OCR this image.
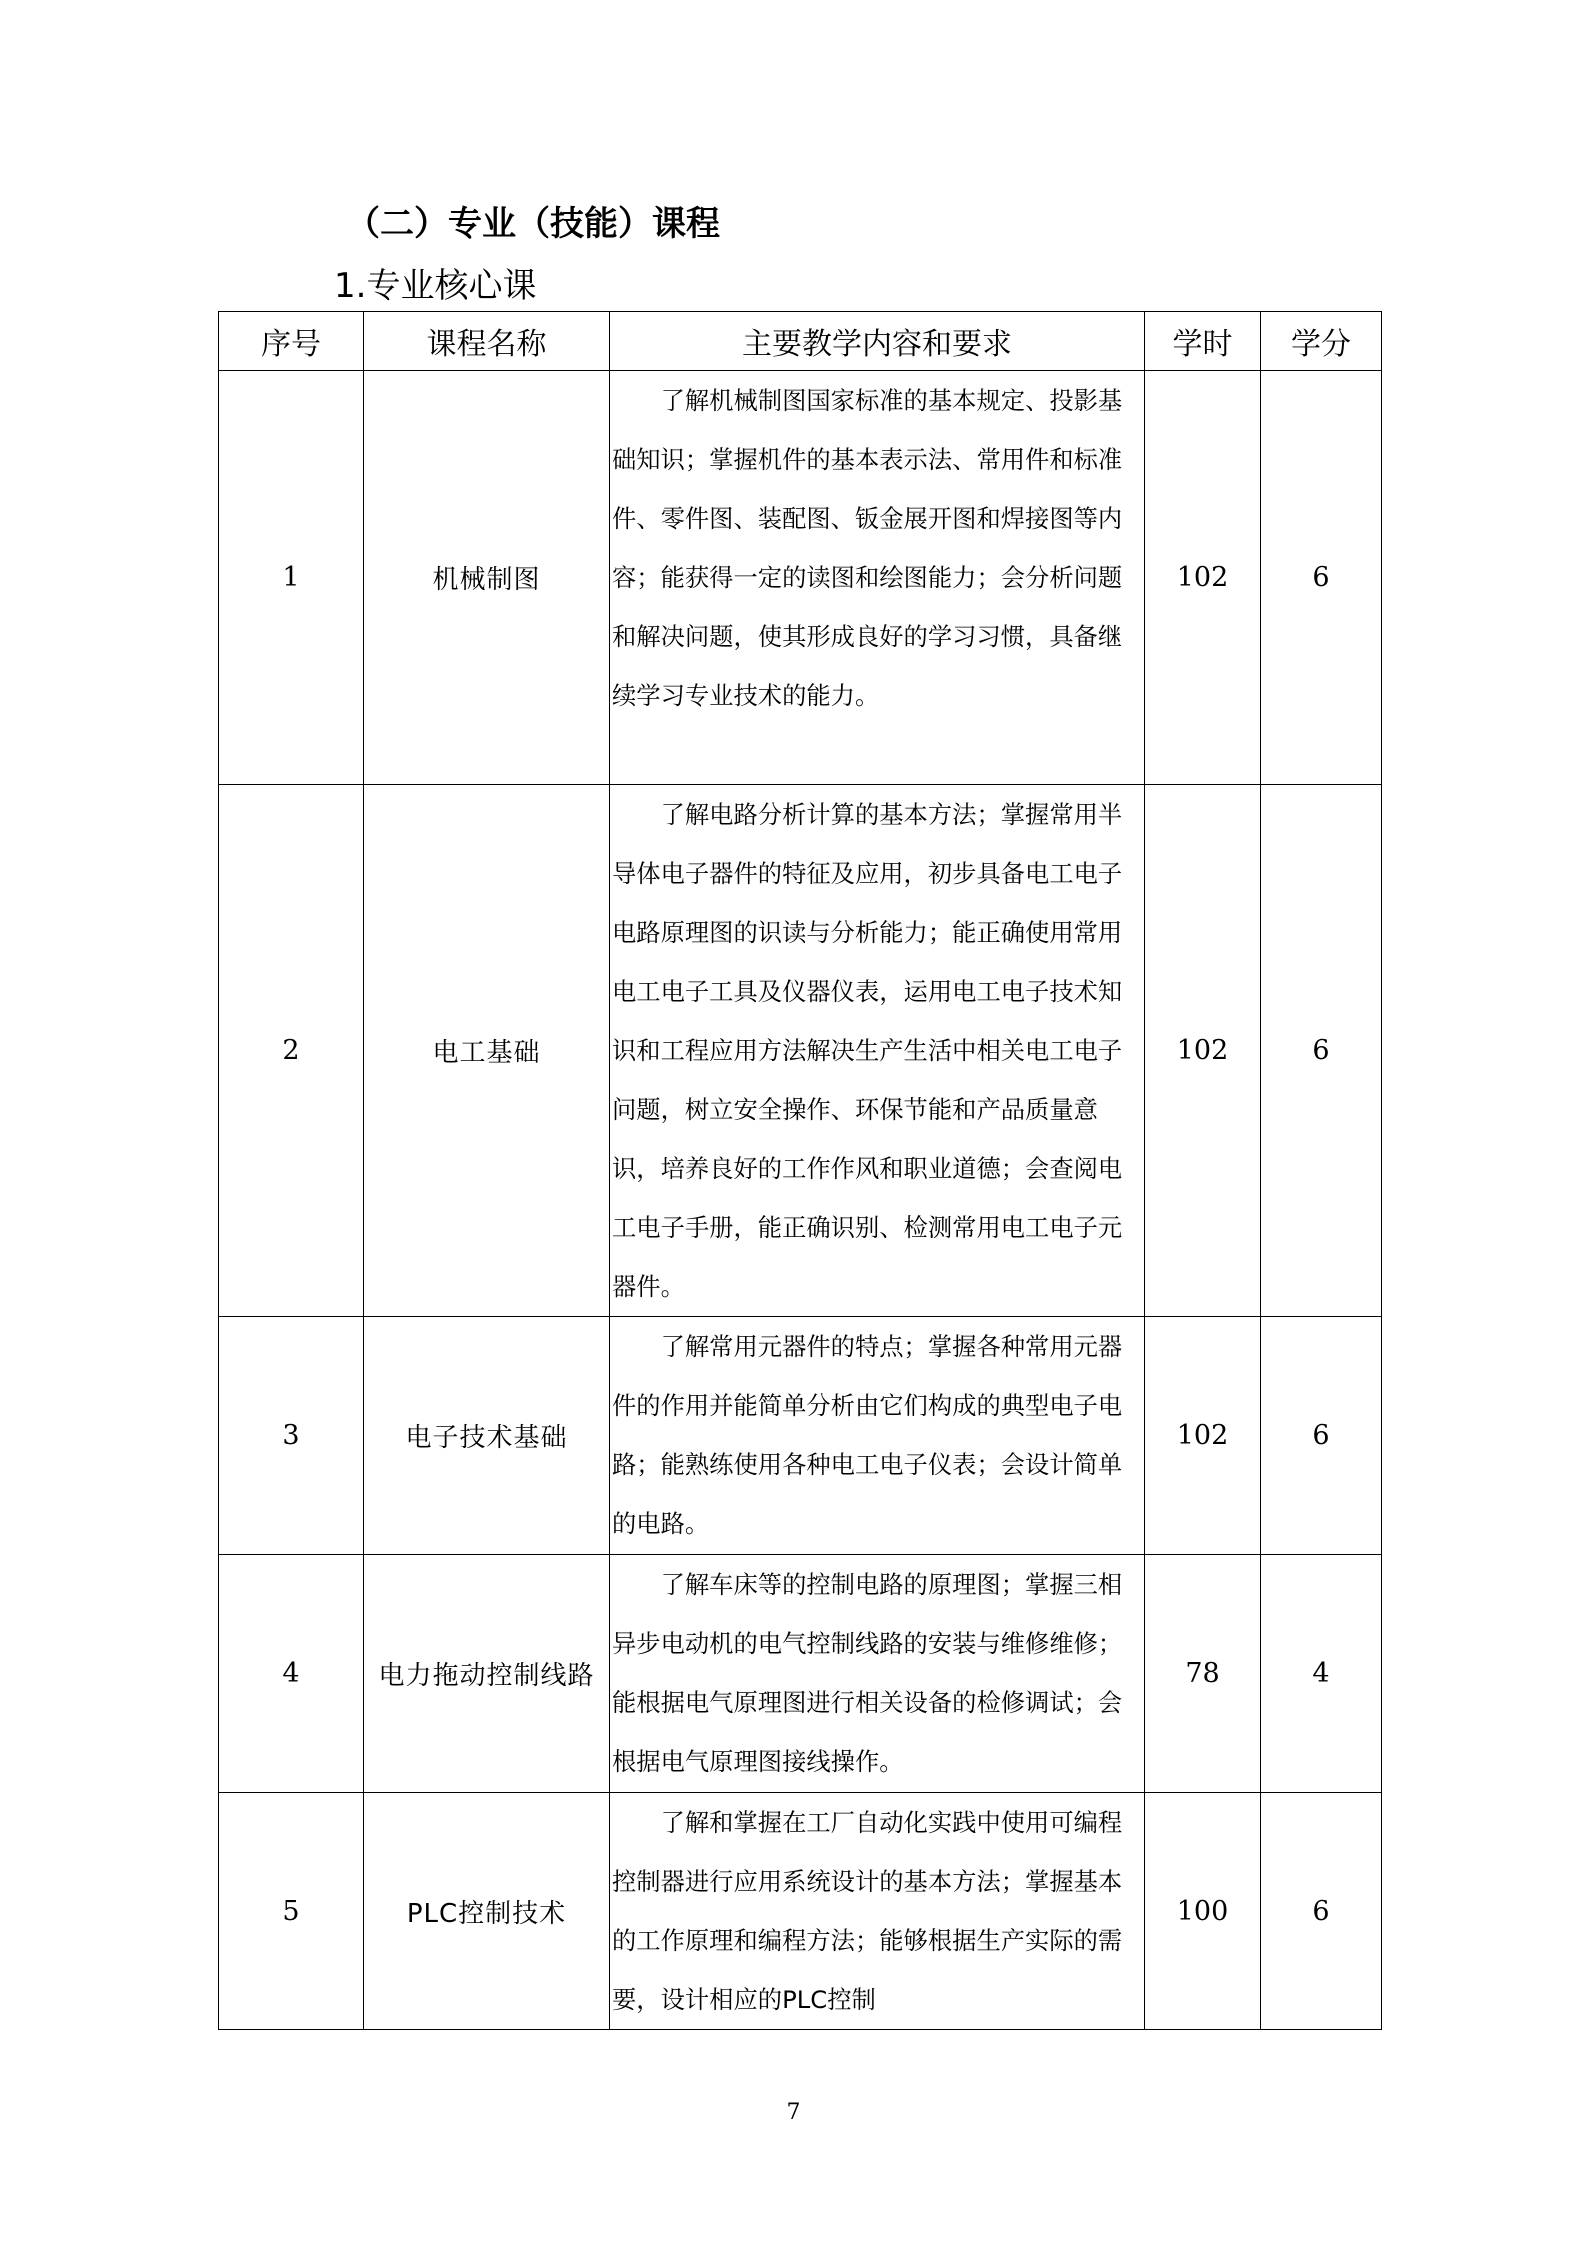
（二）专业（技能）课程
1.专业核心课
序号	课程名称	主要教学内容和要求	学时	学分
1	机械制图	了解机械制图国家标准的基本规定、投影基础知识；掌握机件的基本表示法、常用件和标准件、零件图、装配图、钣金展开图和焊接图等内容；能获得一定的读图和绘图能力；会分析问题和解决问题，使其形成良好的学习习惯，具备继续学习专业技术的能力。	102	6
2	电工基础	了解电路分析计算的基本方法；掌握常用半导体电子器件的特征及应用，初步具备电工电子电路原理图的识读与分析能力；能正确使用常用电工电子工具及仪器仪表，运用电工电子技术知识和工程应用方法解决生产生活中相关电工电子问题，树立安全操作、环保节能和产品质量意识，培养良好的工作作风和职业道德；会查阅电工电子手册，能正确识别、检测常用电工电子元器件。	102	6
3	电子技术基础	了解常用元器件的特点；掌握各种常用元器件的作用并能简单分析由它们构成的典型电子电路；能熟练使用各种电工电子仪表；会设计简单的电路。	102	6
4	电力拖动控制线路	了解车床等的控制电路的原理图；掌握三相异步电动机的电气控制线路的安装与维修维修；能根据电气原理图进行相关设备的检修调试；会根据电气原理图接线操作。	78	4
5	PLC控制技术	了解和掌握在工厂自动化实践中使用可编程控制器进行应用系统设计的基本方法；掌握基本的工作原理和编程方法；能够根据生产实际的需要，设计相应的PLC控制	100	6
7
